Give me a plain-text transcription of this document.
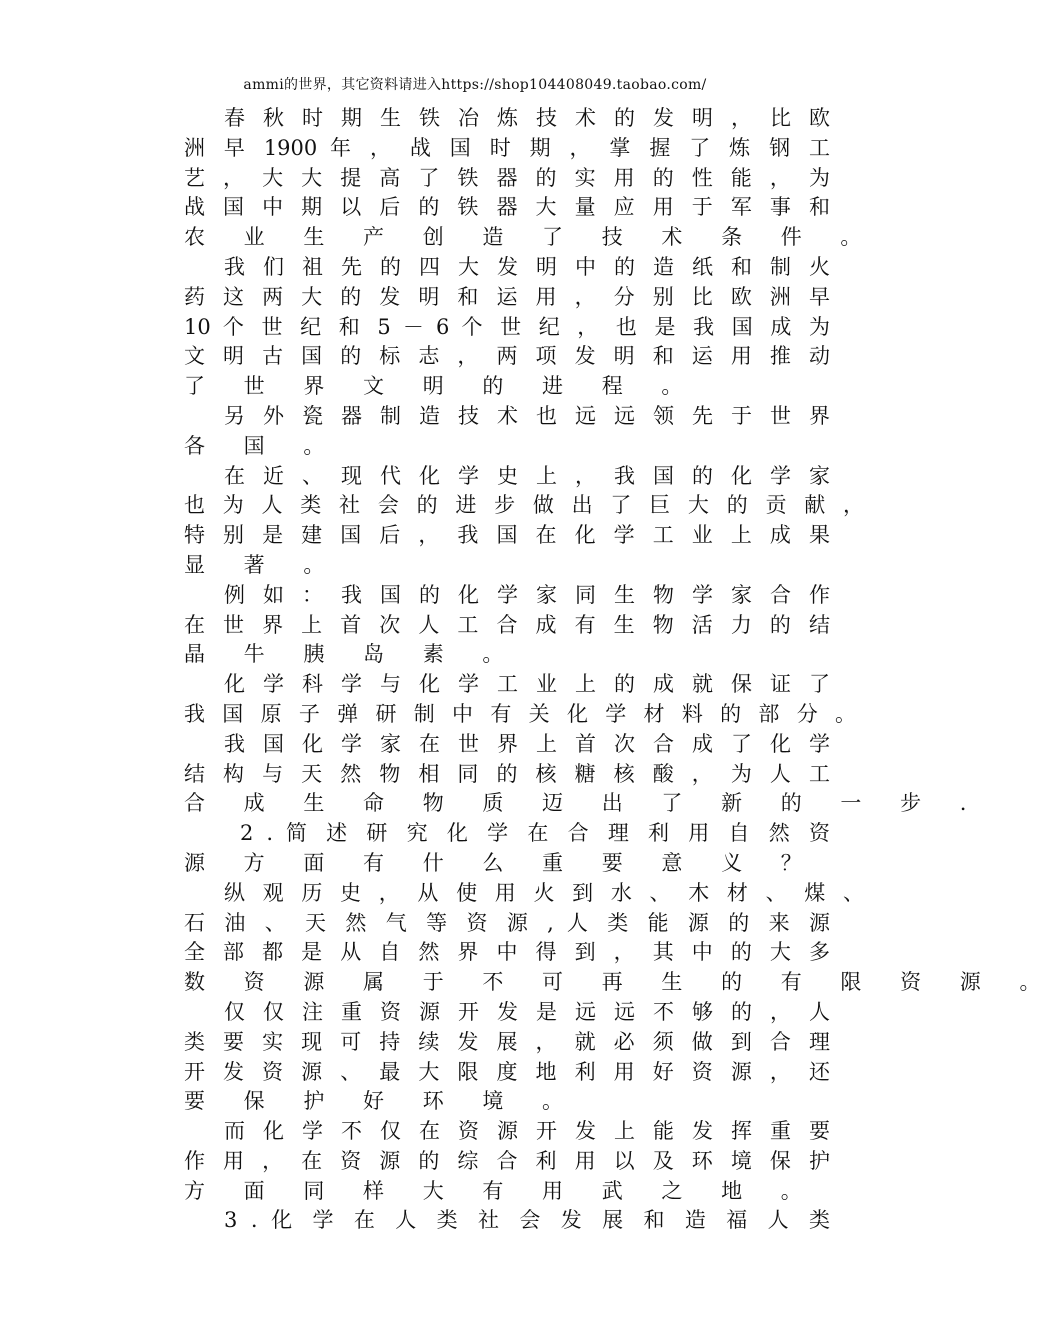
ammi的世界，其它资料请进入https://shop104408049.taobao.com/
春 秋 时 期 生 铁 冶 炼 技 术 的 发 明 ， 比 欧
洲 早 1900 年 ， 战 国 时 期 ， 掌 握 了 炼 钢 工
艺 ， 大 大 提 高 了 铁 器 的 实 用 的 性 能 ， 为
战 国 中 期 以 后 的 铁 器 大 量 应 用 于 军 事 和
农 业 生 产 创 造 了 技 术 条 件 。
我 们 祖 先 的 四 大 发 明 中 的 造 纸 和 制 火
药 这 两 大 的 发 明 和 运 用 ， 分 别 比 欧 洲 早
10 个 世 纪 和 5 － 6 个 世 纪 ， 也 是 我 国 成 为
文 明 古 国 的 标 志 ， 两 项 发 明 和 运 用 推 动
了 世 界 文 明 的 进 程 。
另 外 瓷 器 制 造 技 术 也 远 远 领 先 于 世 界
各 国 。
在 近 、 现 代 化 学 史 上 ， 我 国 的 化 学 家
也 为 人 类 社 会 的 进 步 做 出 了 巨 大 的 贡 献 ，
特 别 是 建 国 后 ， 我 国 在 化 学 工 业 上 成 果
显 著 。
例 如 ： 我 国 的 化 学 家 同 生 物 学 家 合 作
在 世 界 上 首 次 人 工 合 成 有 生 物 活 力 的 结
晶 牛 胰 岛 素 。
化 学 科 学 与 化 学 工 业 上 的 成 就 保 证 了
我 国 原 子 弹 研 制 中 有 关 化 学 材 料 的 部 分 。
我 国 化 学 家 在 世 界 上 首 次 合 成 了 化 学
结 构 与 天 然 物 相 同 的 核 糖 核 酸 ， 为 人 工
合 成 生 命 物 质 迈 出 了 新 的 一 步 .
2 . 简 述 研 究 化 学 在 合 理 利 用 自 然 资
源 方 面 有 什 么 重 要 意 义 ？
纵 观 历 史 ， 从 使 用 火 到 水 、 木 材 、 煤 、
石 油 、 天 然 气 等 资 源 , 人 类 能 源 的 来 源
全 部 都 是 从 自 然 界 中 得 到 ， 其 中 的 大 多
数 资 源 属 于 不 可 再 生 的 有 限 资 源 。
仅 仅 注 重 资 源 开 发 是 远 远 不 够 的 ， 人
类 要 实 现 可 持 续 发 展 ， 就 必 须 做 到 合 理
开 发 资 源 、 最 大 限 度 地 利 用 好 资 源 ， 还
要 保 护 好 环 境 。
而 化 学 不 仅 在 资 源 开 发 上 能 发 挥 重 要
作 用 ， 在 资 源 的 综 合 利 用 以 及 环 境 保 护
方 面 同 样 大 有 用 武 之 地 。
3 . 化 学 在 人 类 社 会 发 展 和 造 福 人 类
